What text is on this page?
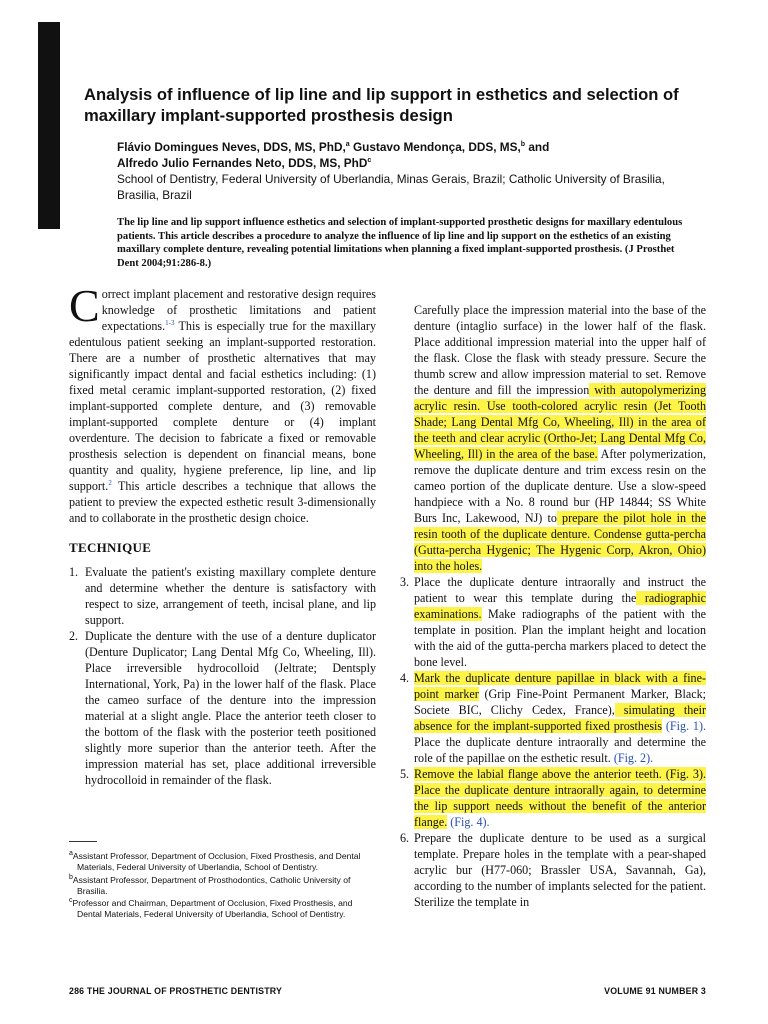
Analysis of influence of lip line and lip support in esthetics and selection of maxillary implant-supported prosthesis design
Flávio Domingues Neves, DDS, MS, PhD,$^a$ Gustavo Mendonça, DDS, MS,$^b$ and
Alfredo Julio Fernandes Neto, DDS, MS, PhD$^c$
School of Dentistry, Federal University of Uberlandia, Minas Gerais, Brazil; Catholic University of Brasilia, Brasilia, Brazil
The lip line and lip support influence esthetics and selection of implant-supported prosthetic designs for maxillary edentulous patients. This article describes a procedure to analyze the influence of lip line and lip support on the esthetics of an existing maxillary complete denture, revealing potential limitations when planning a fixed implant-supported prosthesis. (J Prosthet Dent 2004;91:286-8.)

Correct implant placement and restorative design requires knowledge of prosthetic limitations and patient expectations.$^{1-3}$ This is especially true for the maxillary edentulous patient seeking an implant-supported restoration. There are a number of prosthetic alternatives that may significantly impact dental and facial esthetics including: (1) fixed metal ceramic implant-supported restoration, (2) fixed implant-supported complete denture, and (3) removable implant-supported complete denture or (4) implant overdenture. The decision to fabricate a fixed or removable prosthesis selection is dependent on financial means, bone quantity and quality, hygiene preference, lip line, and lip support.$^2$ This article describes a technique that allows the patient to preview the expected esthetic result 3-dimensionally and to collaborate in the prosthetic design choice.

TECHNIQUE
1. Evaluate the patient's existing maxillary complete denture and determine whether the denture is satisfactory with respect to size, arrangement of teeth, incisal plane, and lip support.
2. Duplicate the denture with the use of a denture duplicator (Denture Duplicator; Lang Dental Mfg Co, Wheeling, Ill). Place irreversible hydrocolloid (Jeltrate; Dentsply International, York, Pa) in the lower half of the flask. Place the cameo surface of the denture into the impression material at a slight angle. Place the anterior teeth closer to the bottom of the flask with the posterior teeth positioned slightly more superior than the anterior teeth. After the impression material has set, place additional irreversible hydrocolloid in remainder of the flask.
$^a$Assistant Professor, Department of Occlusion, Fixed Prosthesis, and Dental Materials, Federal University of Uberlandia, School of Dentistry.
$^b$Assistant Professor, Department of Prosthodontics, Catholic University of Brasilia.
$^c$Professor and Chairman, Department of Occlusion, Fixed Prosthesis, and Dental Materials, Federal University of Uberlandia, School of Dentistry.

Carefully place the impression material into the base of the denture (intaglio surface) in the lower half of the flask. Place additional impression material into the upper half of the flask. Close the flask with steady pressure. Secure the thumb screw and allow impression material to set. Remove the denture and fill the impression with autopolymerizing acrylic resin. Use tooth-colored acrylic resin (Jet Tooth Shade; Lang Dental Mfg Co, Wheeling, Ill) in the area of the teeth and clear acrylic (Ortho-Jet; Lang Dental Mfg Co, Wheeling, Ill) in the area of the base. After polymerization, remove the duplicate denture and trim excess resin on the cameo portion of the duplicate denture. Use a slow-speed handpiece with a No. 8 round bur (HP 14844; SS White Burs Inc, Lakewood, NJ) to prepare the pilot hole in the resin tooth of the duplicate denture. Condense gutta-percha (Gutta-percha Hygenic; The Hygenic Corp, Akron, Ohio) into the holes.

3. Place the duplicate denture intraorally and instruct the patient to wear this template during the radiographic examinations. Make radiographs of the patient with the template in position. Plan the implant height and location with the aid of the gutta-percha markers placed to detect the bone level.
4. Mark the duplicate denture papillae in black with a fine-point marker (Grip Fine-Point Permanent Marker, Black; Societe BIC, Clichy Cedex, France), simulating their absence for the implant-supported fixed prosthesis (Fig. 1). Place the duplicate denture intraorally and determine the role of the papillae on the esthetic result. (Fig. 2).
5. Remove the labial flange above the anterior teeth. (Fig. 3). Place the duplicate denture intraorally again, to determine the lip support needs without the benefit of the anterior flange. (Fig. 4).
6. Prepare the duplicate denture to be used as a surgical template. Prepare holes in the template with a pear-shaped acrylic bur (H77-060; Brassler USA, Savannah, Ga), according to the number of implants selected for the patient. Sterilize the template in
286 THE JOURNAL OF PROSTHETIC DENTISTRY	VOLUME 91 NUMBER 3
